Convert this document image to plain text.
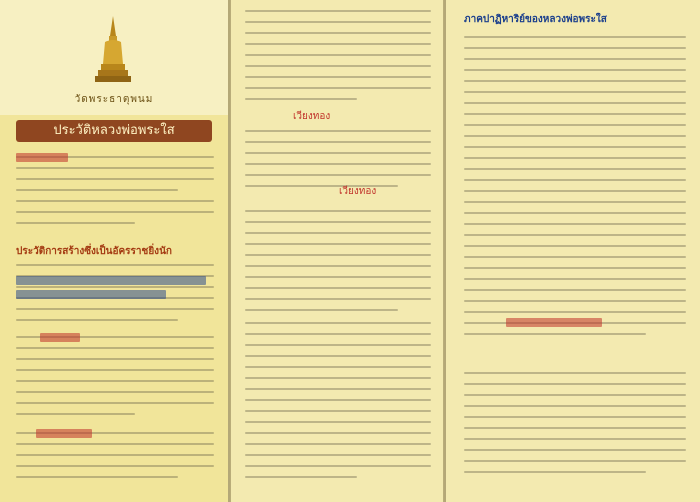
วัดพระธาตุพนม
ประวัติหลวงพ่อพระใส
ประวัติการสร้างซึ่งเป็นอัครราชยิ่งนัก
เวียงทอง
เวียงทอง
ภาคปาฏิหาริย์ของหลวงพ่อพระใส
